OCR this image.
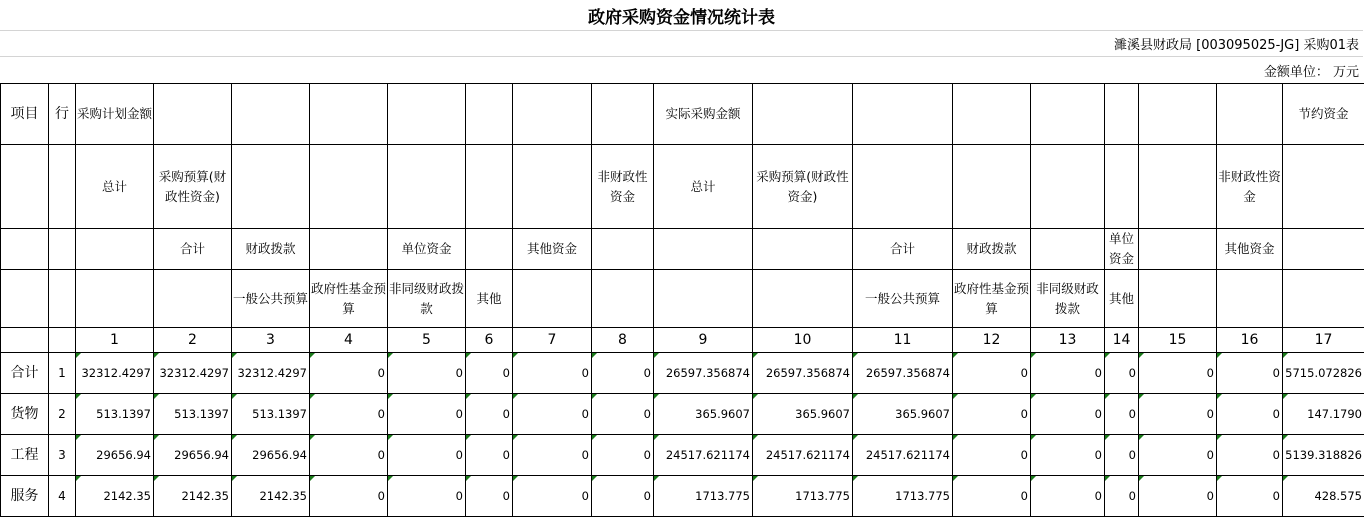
政府采购资金情况统计表
濉溪县财政局 [003095025-JG] 采购01表
金额单位： 万元
项目	行	采购计划金额								实际采购金额								节约资金
		总计	采购预算(财政性资金)						非财政性资金	总计	采购预算(财政性资金)						非财政性资金	
			合计	财政拨款		单位资金		其他资金				合计	财政拨款		单位资金		其他资金	
				一般公共预算	政府性基金预算	非同级财政拨款	其他					一般公共预算	政府性基金预算	非同级财政拨款	其他			
		1	2	3	4	5	6	7	8	9	10	11	12	13	14	15	16	17
合计	1	32312.4297	32312.4297	32312.4297	0	0	0	0	0	26597.356874	26597.356874	26597.356874	0	0	0	0	0	5715.072826
货物	2	513.1397	513.1397	513.1397	0	0	0	0	0	365.9607	365.9607	365.9607	0	0	0	0	0	147.1790
工程	3	29656.94	29656.94	29656.94	0	0	0	0	0	24517.621174	24517.621174	24517.621174	0	0	0	0	0	5139.318826
服务	4	2142.35	2142.35	2142.35	0	0	0	0	0	1713.775	1713.775	1713.775	0	0	0	0	0	428.575
